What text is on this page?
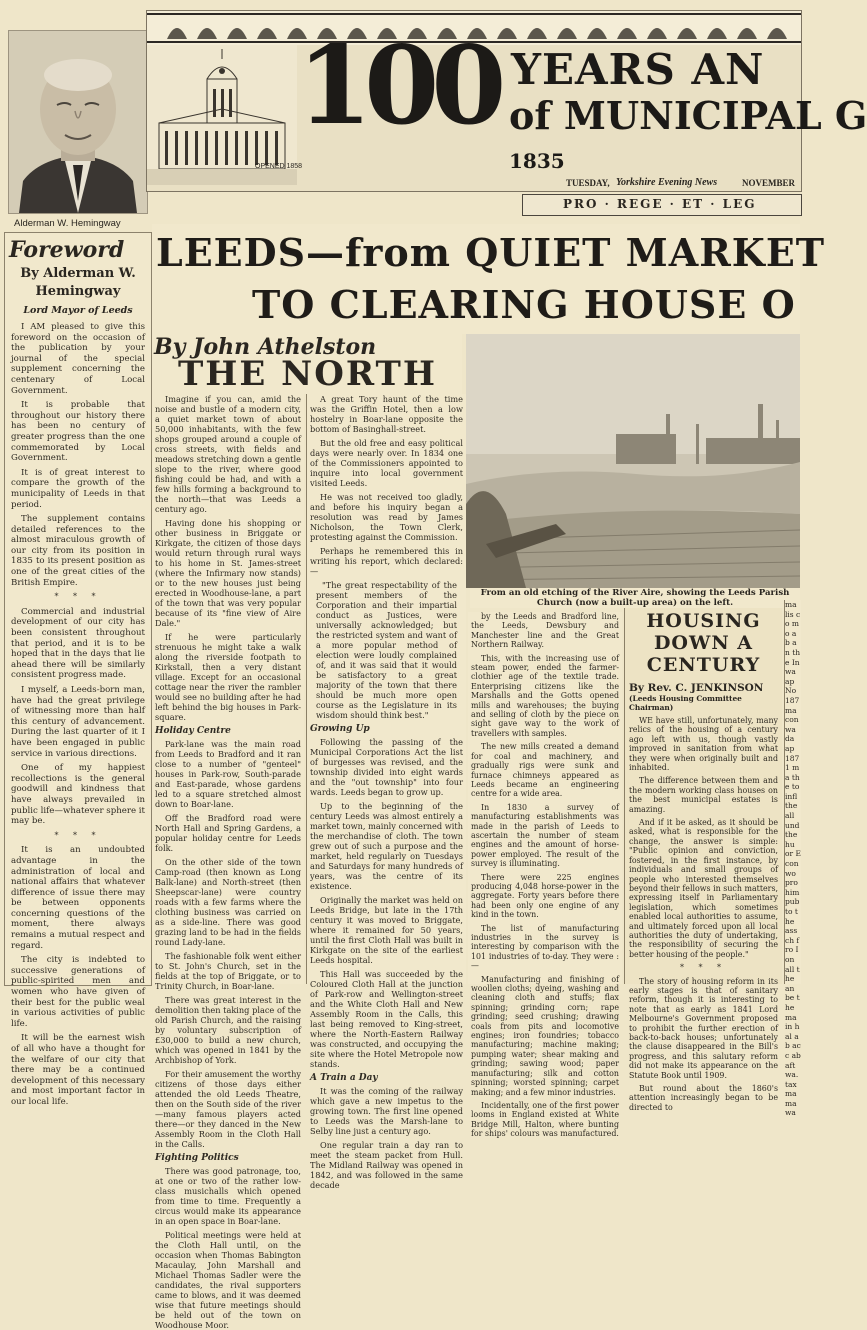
Alderman W. Hemingway
OPENED 1858
100 YEARS AN
of MUNICIPAL G
1835
TUESDAY, Yorkshire Evening News	NOVEMBER
PRO · REGE · ET · LEG
Foreword
By Alderman W. Hemingway
Lord Mayor of Leeds

I AM pleased to give this foreword on the occasion of the publication by your journal of the special supplement concerning the centenary of Local Government.

It is probable that throughout our history there has been no century of greater progress than the one commemorated by Local Government.

It is of great interest to compare the growth of the municipality of Leeds in that period.

The supplement contains detailed references to the almost miraculous growth of our city from its position in 1835 to its present position as one of the great cities of the British Empire.

* * *

Commercial and industrial development of our city has been consistent throughout that period, and it is to be hoped that in the days that lie ahead there will be similarly consistent progress made.

I myself, a Leeds-born man, have had the great privilege of witnessing more than half this century of advancement. During the last quarter of it I have been engaged in public service in various directions.

One of my happiest recollections is the general goodwill and kindness that have always prevailed in public life—whatever sphere it may be.

* * *

It is an undoubted advantage in the administration of local and national affairs that whatever difference of issue there may be between opponents concerning questions of the moment, there always remains a mutual respect and regard.

The city is indebted to successive generations of public-spirited men and women who have given of their best for the public weal in various activities of public life.

It will be the earnest wish of all who have a thought for the welfare of our city that there may be a continued development of this necessary and most important factor in our local life.

LEEDS—from QUIET MARKET
TO CLEARING HOUSE O
By John Athelston
THE NORTH

Imagine if you can, amid the noise and bustle of a modern city, a quiet market town of about 50,000 inhabitants, with the few shops grouped around a couple of cross streets, with fields and meadows stretching down a gentle slope to the river, where good fishing could be had, and with a few hills forming a background to the north—that was Leeds a century ago.

Having done his shopping or other business in Briggate or Kirkgate, the citizen of those days would return through rural ways to his home in St. James-street (where the Infirmary now stands) or to the new houses just being erected in Woodhouse-lane, a part of the town that was very popular because of its "fine view of Aire Dale."

If he were particularly strenuous he might take a walk along the riverside footpath to Kirkstall, then a very distant village. Except for an occasional cottage near the river the rambler would see no building after he had left behind the big houses in Park-square.

Holiday Centre

Park-lane was the main road from Leeds to Bradford and it ran close to a number of "genteel" houses in Park-row, South-parade and East-parade, whose gardens led to a square stretched almost down to Boar-lane.

Off the Bradford road were North Hall and Spring Gardens, a popular holiday centre for Leeds folk.

On the other side of the town Camp-road (then known as Long Balk-lane) and North-street (then Sheepscar-lane) were country roads with a few farms where the clothing business was carried on as a side-line. There was good grazing land to be had in the fields round Lady-lane.

The fashionable folk went either to St. John's Church, set in the fields at the top of Briggate, or to Trinity Church, in Boar-lane.

There was great interest in the demolition then taking place of the old Parish Church, and the raising by voluntary subscription of £30,000 to build a new church, which was opened in 1841 by the Archbishop of York.

For their amusement the worthy citizens of those days either attended the old Leeds Theatre, then on the South side of the river—many famous players acted there—or they danced in the New Assembly Room in the Cloth Hall in the Calls.

Fighting Politics

There was good patronage, too, at one or two of the rather low-class musichalls which opened from time to time. Frequently a circus would make its appearance in an open space in Boar-lane.

Political meetings were held at the Cloth Hall until, on the occasion when Thomas Babington Macaulay, John Marshall and Michael Thomas Sadler were the candidates, the rival supporters came to blows, and it was deemed wise that future meetings should be held out of the town on Woodhouse Moor.

A great Tory haunt of the time was the Griffin Hotel, then a low hostelry in Boar-lane opposite the bottom of Basinghall-street.

But the old free and easy political days were nearly over. In 1834 one of the Commissioners appointed to inquire into local government visited Leeds.

He was not received too gladly, and before his inquiry began a resolution was read by James Nicholson, the Town Clerk, protesting against the Commission.

Perhaps he remembered this in writing his report, which declared:—

"The great respectability of the present members of the Corporation and their impartial conduct as Justices, were universally acknowledged; but the restricted system and want of a more popular method of election were loudly complained of, and it was said that it would be satisfactory to a great majority of the town that there should be much more open course as the Legislature in its wisdom should think best."

Growing Up

Following the passing of the Municipal Corporations Act the list of burgesses was revised, and the township divided into eight wards and the "out township" into four wards. Leeds began to grow up.

Up to the beginning of the century Leeds was almost entirely a market town, mainly concerned with the merchandise of cloth. The town grew out of such a purpose and the market, held regularly on Tuesdays and Saturdays for many hundreds of years, was the centre of its existence.

Originally the market was held on Leeds Bridge, but late in the 17th century it was moved to Briggate, where it remained for 50 years, until the first Cloth Hall was built in Kirkgate on the site of the earliest Leeds hospital.

This Hall was succeeded by the Coloured Cloth Hall at the junction of Park-row and Wellington-street and the White Cloth Hall and New Assembly Room in the Calls, this last being removed to King-street, where the North-Eastern Railway was constructed, and occupying the site where the Hotel Metropole now stands.

A Train a Day

It was the coming of the railway which gave a new impetus to the growing town. The first line opened to Leeds was the Marsh-lane to Selby line just a century ago.

One regular train a day ran to meet the steam packet from Hull. The Midland Railway was opened in 1842, and was followed in the same decade

From an old etching of the River Aire, showing the Leeds Parish Church (now a built-up area) on the left.

by the Leeds and Bradford line, the Leeds, Dewsbury and Manchester line and the Great Northern Railway.

This, with the increasing use of steam power, ended the farmer-clothier age of the textile trade. Enterprising citizens like the Marshalls and the Gotts opened mills and warehouses; the buying and selling of cloth by the piece on sight gave way to the work of travellers with samples.

The new mills created a demand for coal and machinery, and gradually rigs were sunk and furnace chimneys appeared as Leeds became an engineering centre for a wide area.

In 1830 a survey of manufacturing establishments was made in the parish of Leeds to ascertain the number of steam engines and the amount of horse-power employed. The result of the survey is illuminating.

There were 225 engines producing 4,048 horse-power in the aggregate. Forty years before there had been only one engine of any kind in the town.

The list of manufacturing industries in the survey is interesting by comparison with the 101 industries of to-day. They were :—

Manufacturing and finishing of woollen cloths; dyeing, washing and cleaning cloth and stuffs; flax spinning; grinding corn; rape grinding; seed crushing; drawing coals from pits and locomotive engines; iron foundries; tobacco manufacturing; machine making; pumping water; shear making and grinding; sawing wood; paper manufacturing; silk and cotton spinning; worsted spinning; carpet making; and a few minor industries.

Incidentally, one of the first power looms in England existed at White Bridge Mill, Halton, where bunting for ships' colours was manufactured.

HOUSING
DOWN A
CENTURY
By Rev. C. JENKINSON
(Leeds Housing Committee Chairman)

WE have still, unfortunately, many relics of the housing of a century ago left with us, though vastly improved in sanitation from what they were when originally built and inhabited.

The difference between them and the modern working class houses on the best municipal estates is amazing.

And if it be asked, as it should be asked, what is responsible for the change, the answer is simple: "Public opinion and conviction, fostered, in the first instance, by individuals and small groups of people who interested themselves beyond their fellows in such matters, expressing itself in Parliamentary legislation, which sometimes enabled local authorities to assume, and ultimately forced upon all local authorities the duty of undertaking, the responsibility of securing the better housing of the people."

* * *

The story of housing reform in its early stages is that of sanitary reform, though it is interesting to note that as early as 1841 Lord Melbourne's Government proposed to prohibit the further erection of back-to-back houses; unfortunately the clause disappeared in the Bill's progress, and this salutary reform did not make its appearance on the Statute Book until 1909.

But round about the 1860's attention increasingly began to be directed to

ma lis co mo ab an the In wa ap No 187 ma con wa da ap 1871 ma the to infl the all und the hu or E con wo pro him pub to the ass ch fro I on all the an be the ma in hal ab acc ab aft wa. tax ma ma wa
